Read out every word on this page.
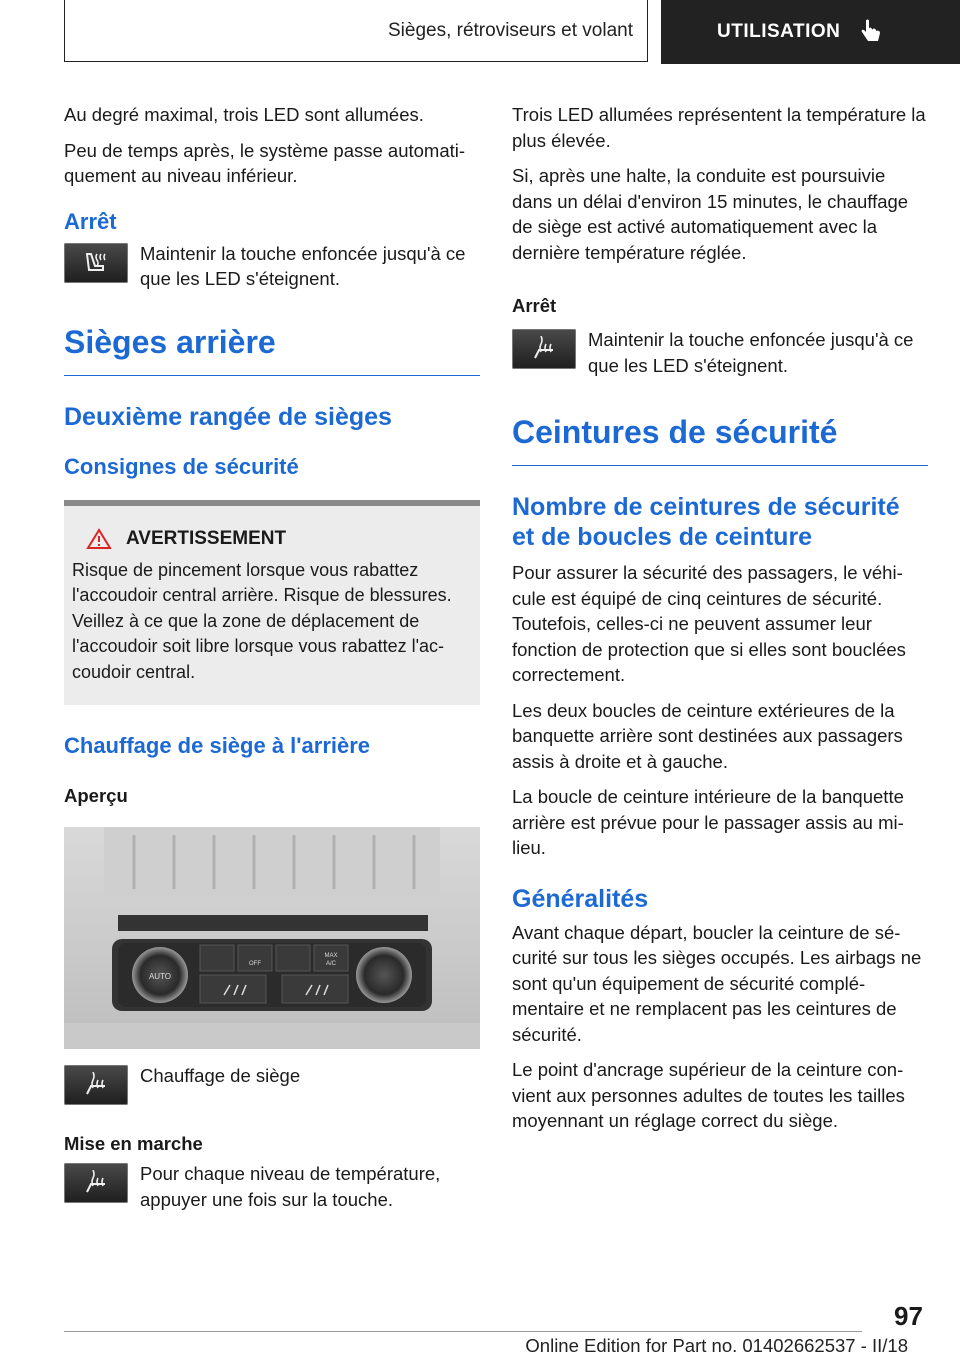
Sièges, rétroviseurs et volant	UTILISATION

Au degré maximal, trois LED sont allumées.

Peu de temps après, le système passe automati-quement au niveau inférieur.

Arrêt
Maintenir la touche enfoncée jusqu'à ce que les LED s'éteignent.
Sièges arrière
Deuxième rangée de sièges
Consignes de sécurité
AVERTISSEMENT

Risque de pincement lorsque vous rabattez l'accoudoir central arrière. Risque de blessures. Veillez à ce que la zone de déplacement de l'accoudoir soit libre lorsque vous rabattez l'ac-coudoir central.

Chauffage de siège à l'arrière
Aperçu
AUTO
OFF
MAX
A/C
Chauffage de siège
Mise en marche
Pour chaque niveau de température, appuyer une fois sur la touche.

Trois LED allumées représentent la température la plus élevée.

Si, après une halte, la conduite est poursuivie dans un délai d'environ 15 minutes, le chauffage de siège est activé automatiquement avec la dernière température réglée.

Arrêt
Maintenir la touche enfoncée jusqu'à ce que les LED s'éteignent.
Ceintures de sécurité
Nombre de ceintures de sécurité et de boucles de ceinture

Pour assurer la sécurité des passagers, le véhi-cule est équipé de cinq ceintures de sécurité. Toutefois, celles-ci ne peuvent assumer leur fonction de protection que si elles sont bouclées correctement.

Les deux boucles de ceinture extérieures de la banquette arrière sont destinées aux passagers assis à droite et à gauche.

La boucle de ceinture intérieure de la banquette arrière est prévue pour le passager assis au mi-lieu.

Généralités

Avant chaque départ, boucler la ceinture de sé-curité sur tous les sièges occupés. Les airbags ne sont qu'un équipement de sécurité complé-mentaire et ne remplacent pas les ceintures de sécurité.

Le point d'ancrage supérieur de la ceinture con-vient aux personnes adultes de toutes les tailles moyennant un réglage correct du siège.

97
Online Edition for Part no. 01402662537 - II/18
